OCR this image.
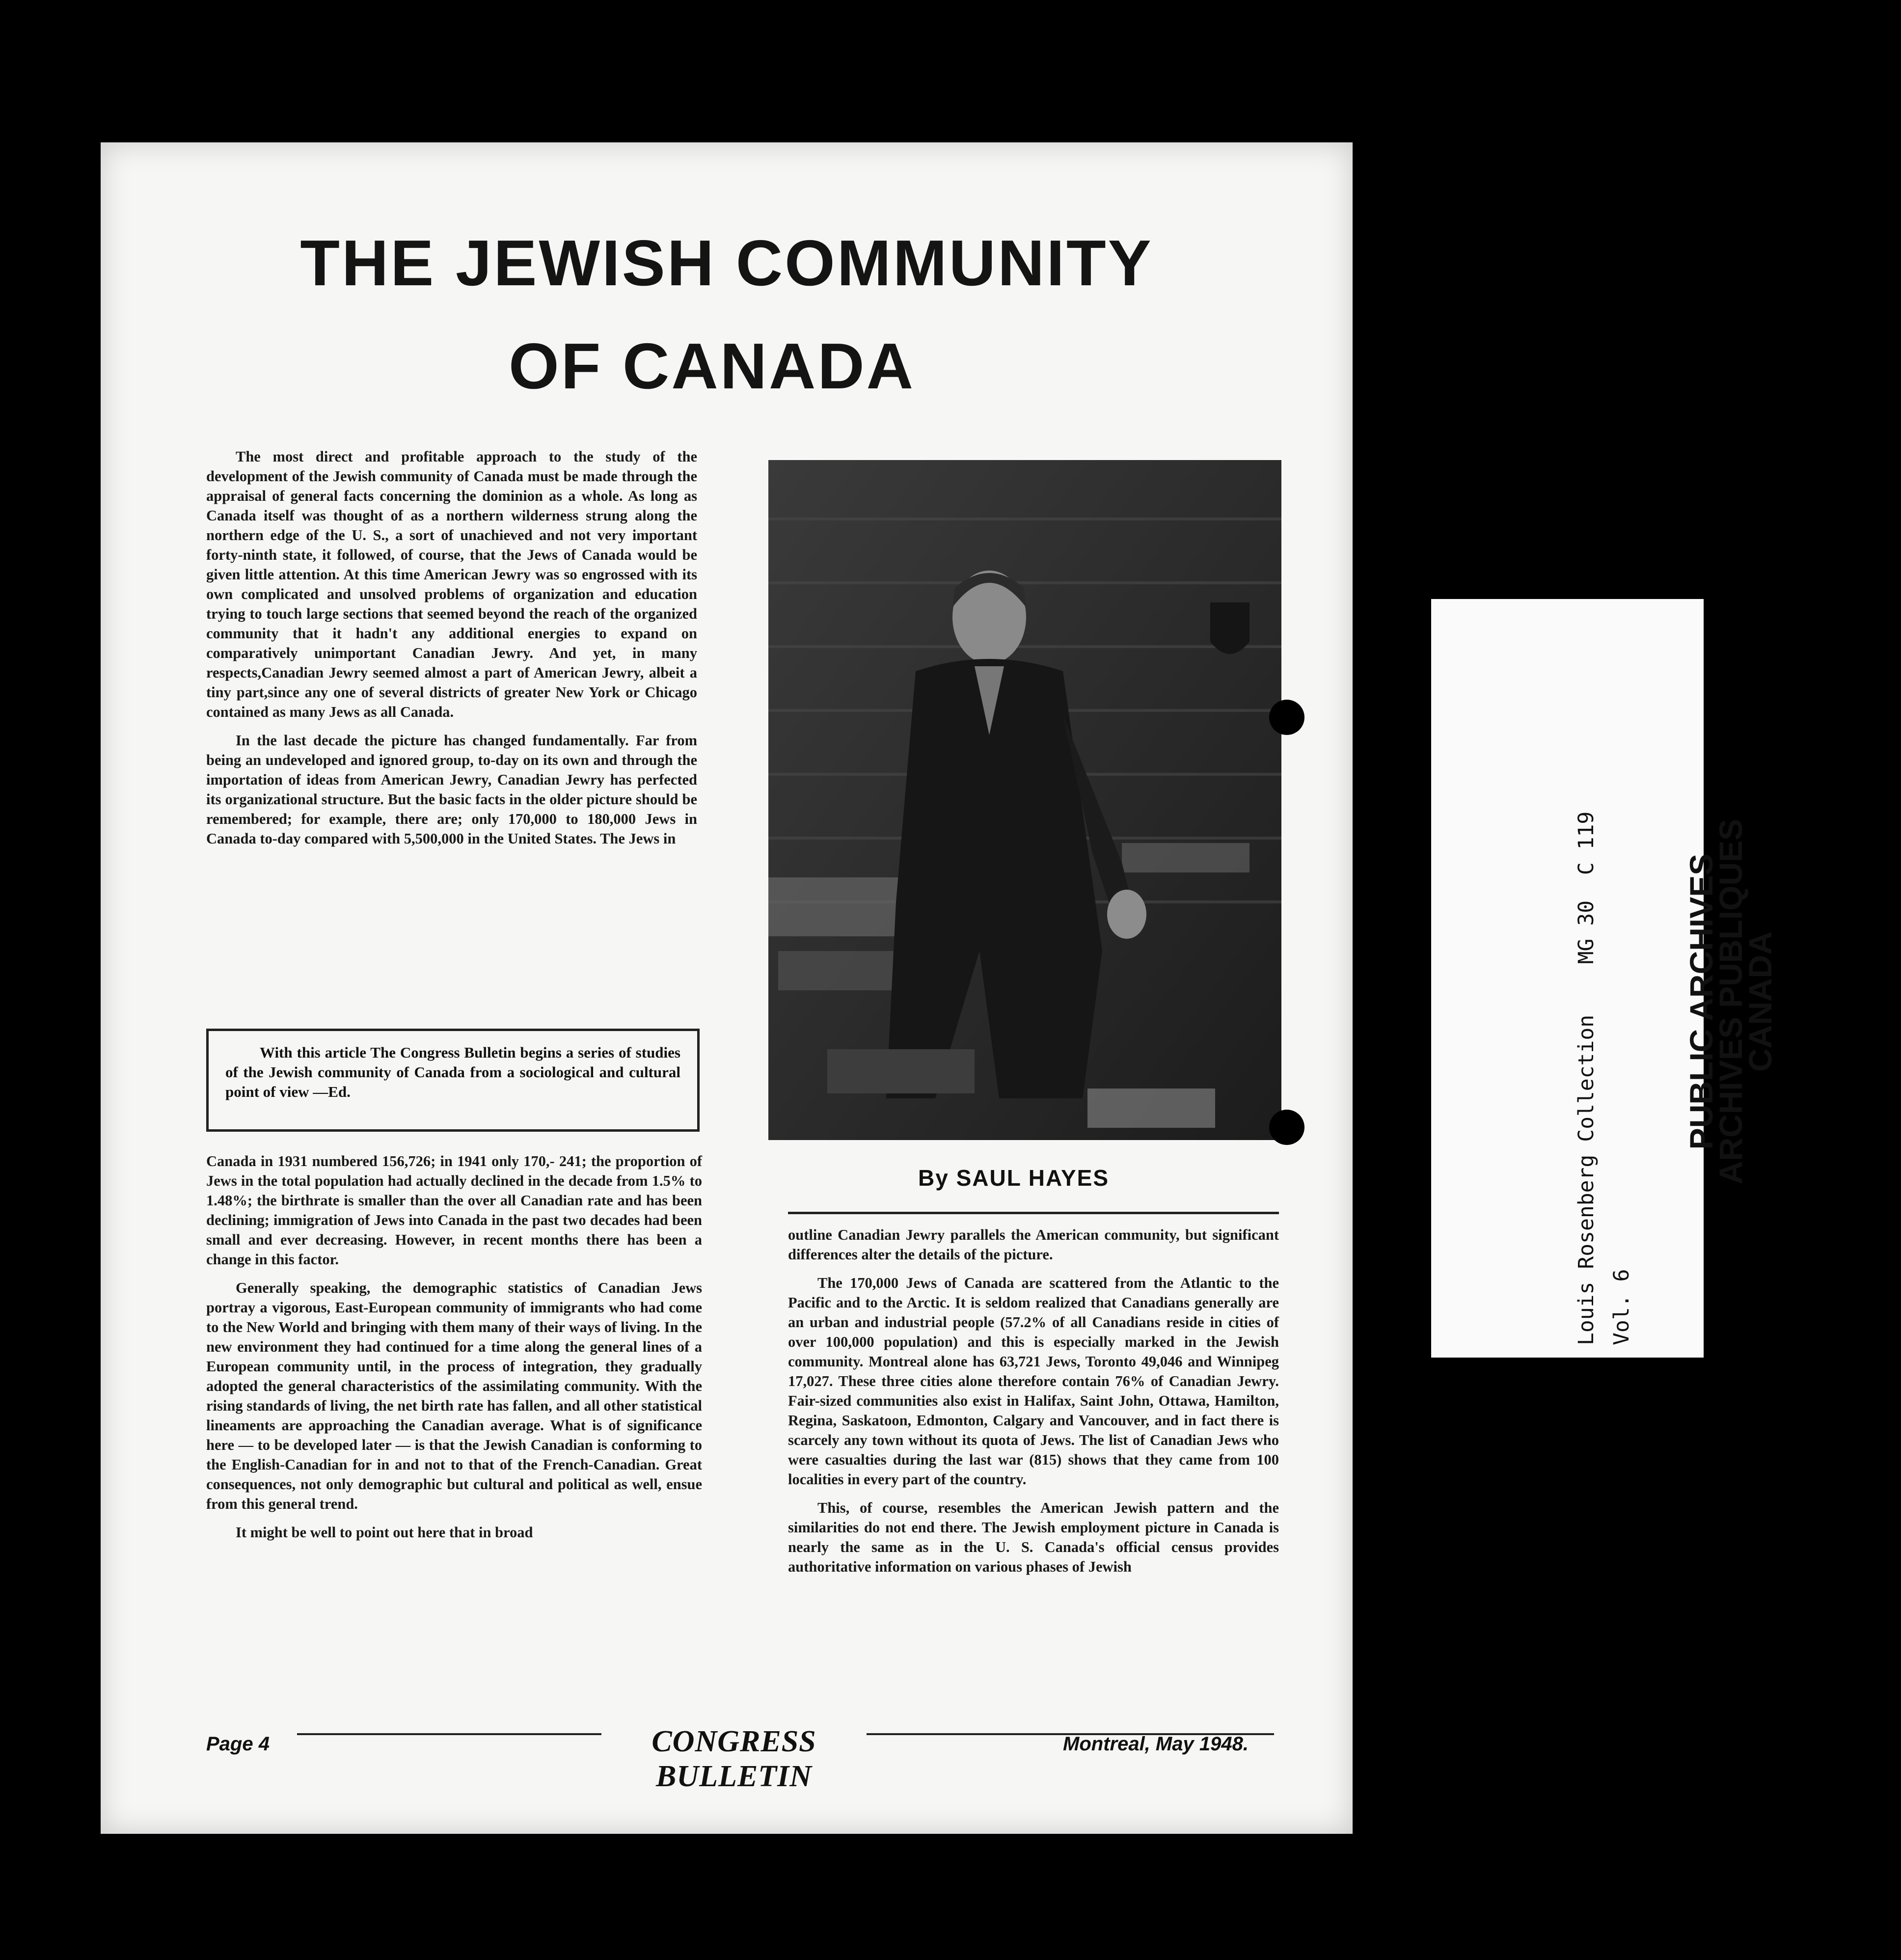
THE JEWISH COMMUNITY
OF CANADA

The most direct and profitable approach to the study of the development of the Jewish community of Canada must be made through the appraisal of general facts concerning the dominion as a whole. As long as Canada itself was thought of as a northern wilderness strung along the northern edge of the U. S., a sort of unachieved and not very important forty-ninth state, it followed, of course, that the Jews of Canada would be given little attention. At this time American Jewry was so engrossed with its own complicated and unsolved problems of organization and education trying to touch large sections that seemed beyond the reach of the organized community that it hadn't any additional energies to expand on comparatively unimportant Canadian Jewry. And yet, in many respects,Canadian Jewry seemed almost a part of American Jewry, albeit a tiny part,since any one of several districts of greater New York or Chicago contained as many Jews as all Canada.

In the last decade the picture has changed fundamentally. Far from being an undeveloped and ignored group, to-day on its own and through the importation of ideas from American Jewry, Canadian Jewry has perfected its organizational structure. But the basic facts in the older picture should be remembered; for example, there are; only 170,000 to 180,000 Jews in Canada to-day compared with 5,500,000 in the United States. The Jews in

With this article The Congress Bulletin begins a series of studies of the Jewish community of Canada from a sociological and cultural point of view —Ed.

Canada in 1931 numbered 156,726; in 1941 only 170,- 241; the proportion of Jews in the total population had actually declined in the decade from 1.5% to 1.48%; the birthrate is smaller than the over all Canadian rate and has been declining; immigration of Jews into Canada in the past two decades had been small and ever decreasing. However, in recent months there has been a change in this factor.

Generally speaking, the demographic statistics of Canadian Jews portray a vigorous, East-European community of immigrants who had come to the New World and bringing with them many of their ways of living. In the new environment they had continued for a time along the general lines of a European community until, in the process of integration, they gradually adopted the general characteristics of the assimilating community. With the rising standards of living, the net birth rate has fallen, and all other statistical lineaments are approaching the Canadian average. What is of significance here — to be developed later — is that the Jewish Canadian is conforming to the English-Canadian for in and not to that of the French-Canadian. Great consequences, not only demographic but cultural and political as well, ensue from this general trend.

It might be well to point out here that in broad

By SAUL HAYES

outline Canadian Jewry parallels the American community, but significant differences alter the details of the picture.

The 170,000 Jews of Canada are scattered from the Atlantic to the Pacific and to the Arctic. It is seldom realized that Canadians generally are an urban and industrial people (57.2% of all Canadians reside in cities of over 100,000 population) and this is especially marked in the Jewish community. Montreal alone has 63,721 Jews, Toronto 49,046 and Winnipeg 17,027. These three cities alone therefore contain 76% of Canadian Jewry. Fair-sized communities also exist in Halifax, Saint John, Ottawa, Hamilton, Regina, Saskatoon, Edmonton, Calgary and Vancouver, and in fact there is scarcely any town without its quota of Jews. The list of Canadian Jews who were casualties during the last war (815) shows that they came from 100 localities in every part of the country.

This, of course, resembles the American Jewish pattern and the similarities do not end there. The Jewish employment picture in Canada is nearly the same as in the U. S. Canada's official census provides authoritative information on various phases of Jewish

Page 4	CONGRESS BULLETIN
Montreal, May 1948.
Louis Rosenberg Collection    MG 30  C 119
Vol. 6
PUBLIC ARCHIVES
ARCHIVES PUBLIQUES
CANADA
